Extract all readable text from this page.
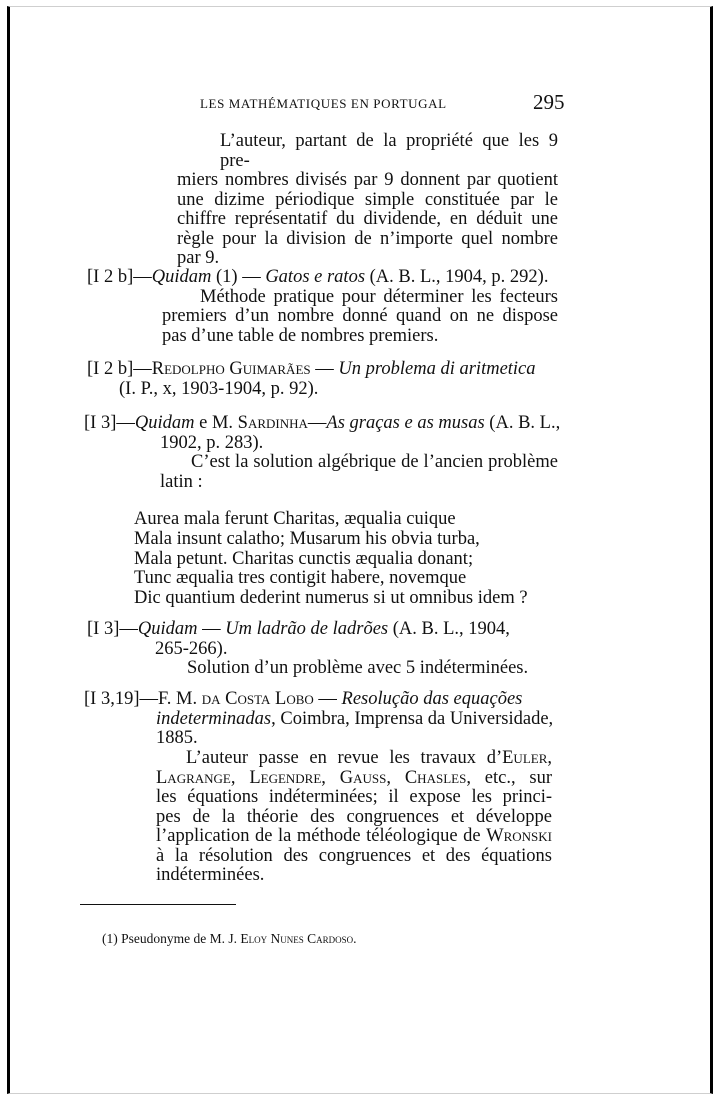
LES MATHÉMATIQUES EN PORTUGAL	295
L’auteur, partant de la propriété que les 9 pre-
miers nombres divisés par 9 donnent par quotient
une dizime périodique simple constituée par le
chiffre représentatif du dividende, en déduit une
règle pour la division de n’importe quel nombre
par 9.
[I 2 b]—Quidam (1) — Gatos e ratos (A. B. L., 1904, p. 292).
Méthode pratique pour déterminer les fecteurs
premiers d’un nombre donné quand on ne dispose
pas d’une table de nombres premiers.
[I 2 b]—Redolpho Guimarães — Un problema di aritmetica
(I. P., x, 1903-1904, p. 92).
[I 3]—Quidam e M. Sardinha—As graças e as musas (A. B. L.,
1902, p. 283).
C’est la solution algébrique de l’ancien problème
latin :
Aurea mala ferunt Charitas, æqualia cuique
Mala insunt calatho; Musarum his obvia turba,
Mala petunt. Charitas cunctis æqualia donant;
Tunc æqualia tres contigit habere, novemque
Dic quantium dederint numerus si ut omnibus idem ?
[I 3]—Quidam — Um ladrão de ladrões (A. B. L., 1904,
265-266).
Solution d’un problème avec 5 indéterminées.
[I 3,19]—F. M. da Costa Lobo — Resolução das equações
indeterminadas, Coimbra, Imprensa da Universidade,
1885.
L’auteur passe en revue les travaux d’Euler,
Lagrange, Legendre, Gauss, Chasles, etc., sur
les équations indéterminées; il expose les princi-
pes de la théorie des congruences et développe
l’application de la méthode téléologique de Wronski
à la résolution des congruences et des équations
indéterminées.
(1) Pseudonyme de M. J. Eloy Nunes Cardoso.
